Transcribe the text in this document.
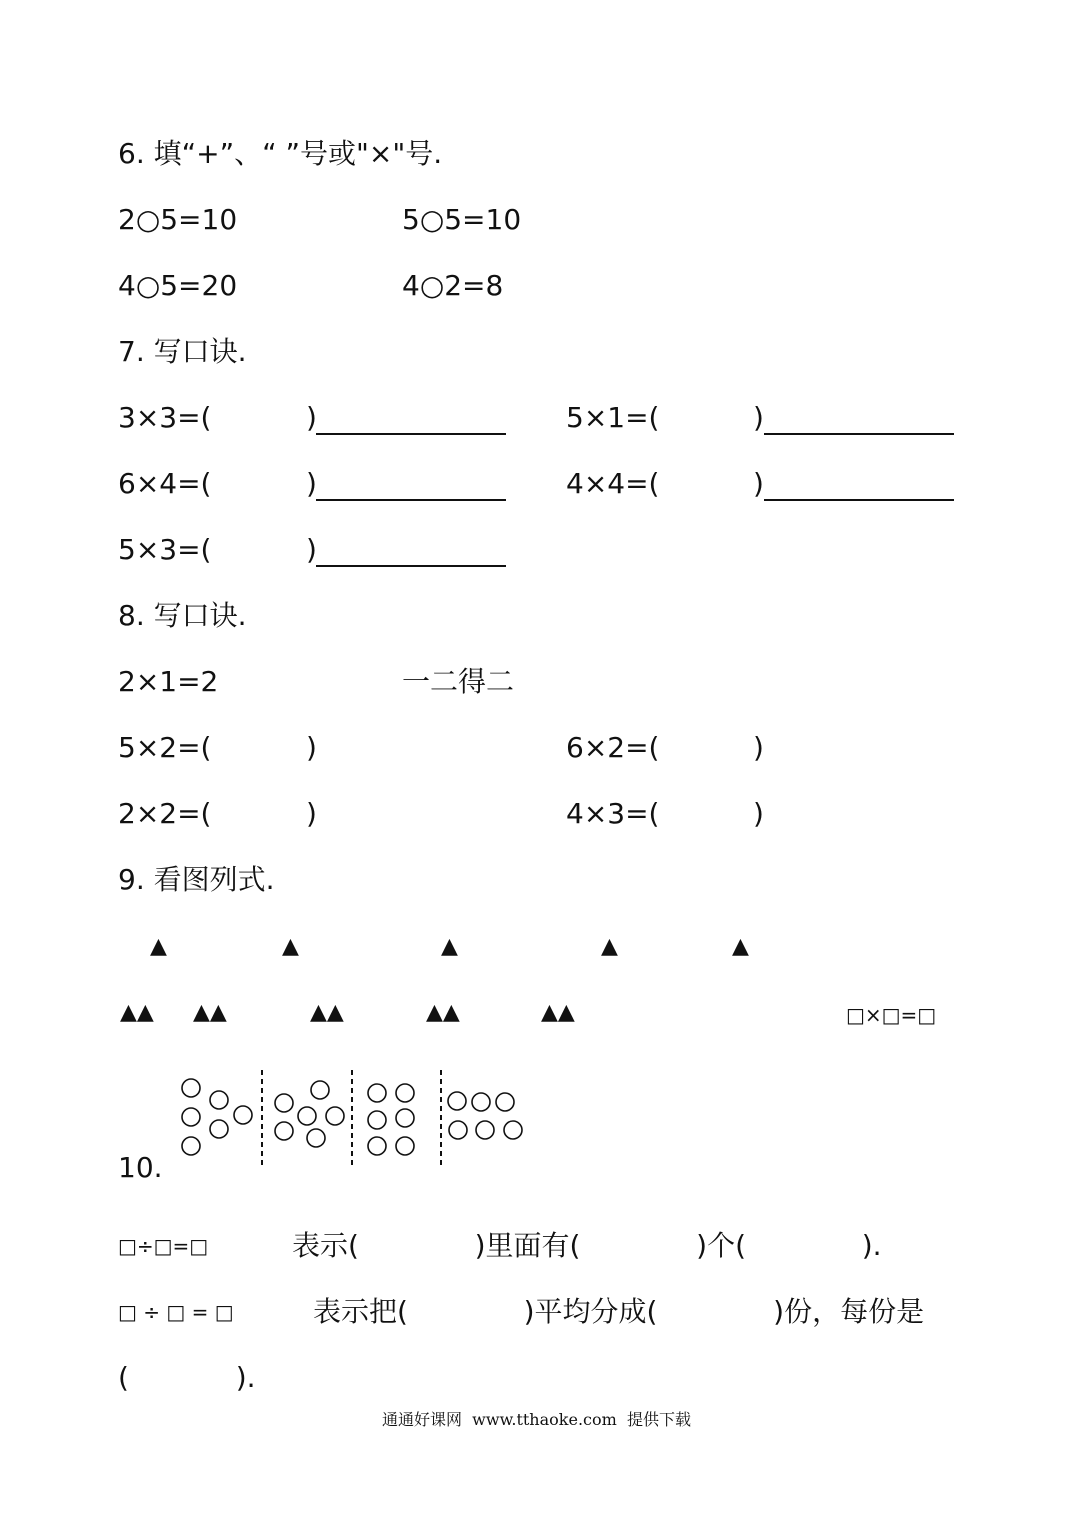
6. 填“+”、“ ”号或"×"号.
2○5=10	5○5=10
4○5=20	4○2=8
7. 写口诀.
3×3=(	)	5×1=(	)
6×4=(	)	4×4=(	)
5×3=(	)
8. 写口诀.
2×1=2	一二得二
5×2=(	)	6×2=(	)
2×2=(	)	4×3=(	)
9. 看图列式.
▲	▲	▲	▲	▲
▲▲ ▲▲	▲▲	▲▲	▲▲	□×□=□
10.
□÷□=□	表示(             )里面有(             )个(             ).
□ ÷ □ = □	表示把(             )平均分成(             )份，每份是
(            ).
通通好课网  www.tthaoke.com  提供下载
